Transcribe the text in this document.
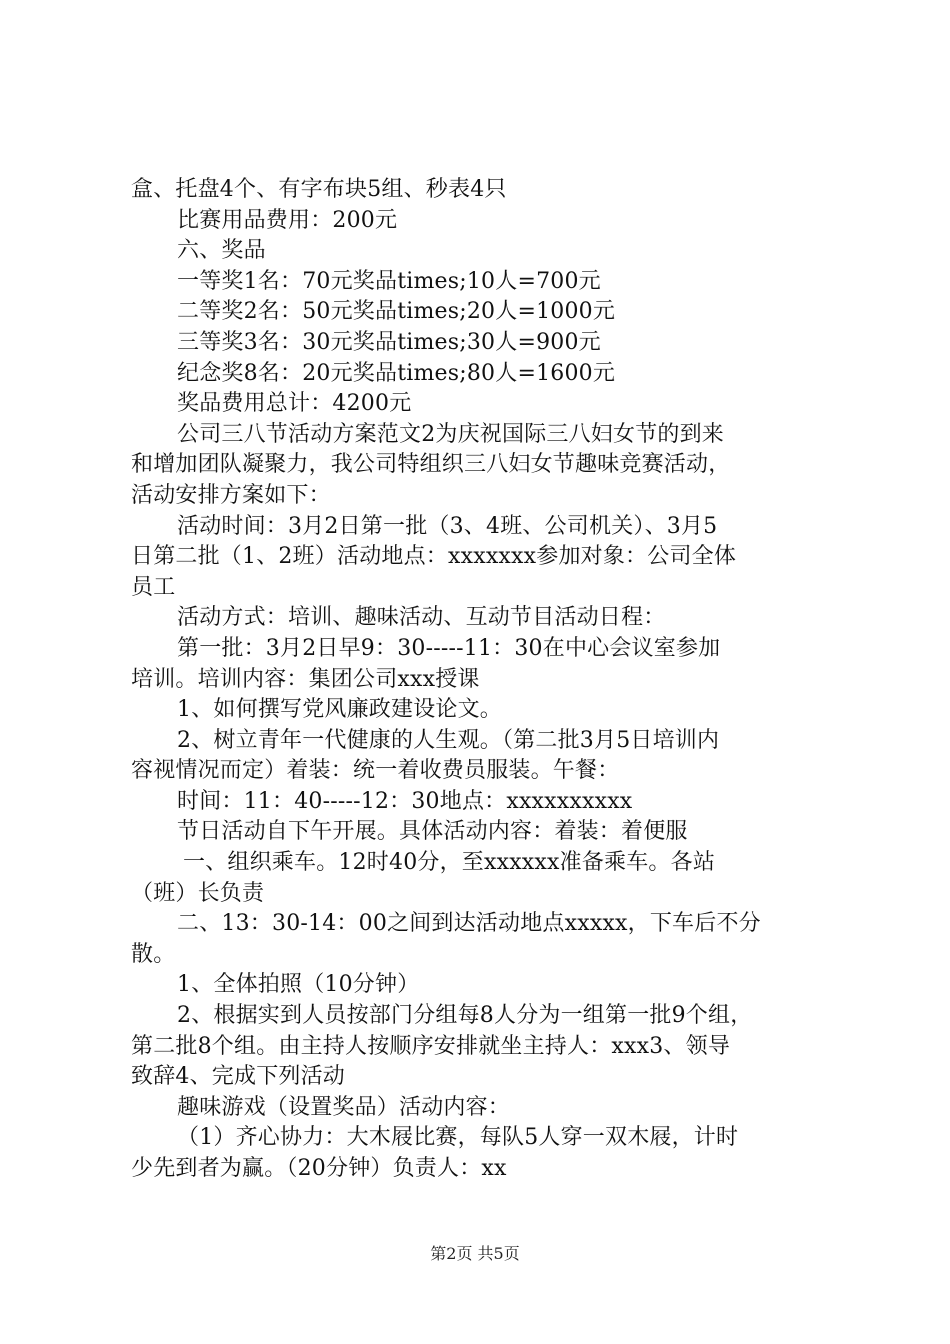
盒、托盘4个、有字布块5组、秒表4只
比赛用品费用：200元
六、奖品
一等奖1名：70元奖品times;10人=700元
二等奖2名：50元奖品times;20人=1000元
三等奖3名：30元奖品times;30人=900元
纪念奖8名：20元奖品times;80人=1600元
奖品费用总计：4200元
公司三八节活动方案范文2为庆祝国际三八妇女节的到来
和增加团队凝聚力，我公司特组织三八妇女节趣味竞赛活动，
活动安排方案如下：
活动时间：3月2日第一批（3、4班、公司机关）、3月5
日第二批（1、2班）活动地点：xxxxxxx参加对象：公司全体
员工
活动方式：培训、趣味活动、互动节目活动日程：
第一批：3月2日早9：30-----11：30在中心会议室参加
培训。培训内容：集团公司xxx授课
1、如何撰写党风廉政建设论文。
2、树立青年一代健康的人生观。（第二批3月5日培训内
容视情况而定）着装：统一着收费员服装。午餐：
时间：11：40-----12：30地点：xxxxxxxxxx
节日活动自下午开展。具体活动内容：着装：着便服
一、组织乘车。12时40分，至xxxxxx准备乘车。各站
（班）长负责
二、13：30-14：00之间到达活动地点xxxxx，下车后不分
散。
1、全体拍照（10分钟）
2、根据实到人员按部门分组每8人分为一组第一批9个组，
第二批8个组。由主持人按顺序安排就坐主持人：xxx3、领导
致辞4、完成下列活动
趣味游戏（设置奖品）活动内容：
（1）齐心协力：大木屐比赛，每队5人穿一双木屐，计时
少先到者为赢。（20分钟）负责人：xx
第2页 共5页
